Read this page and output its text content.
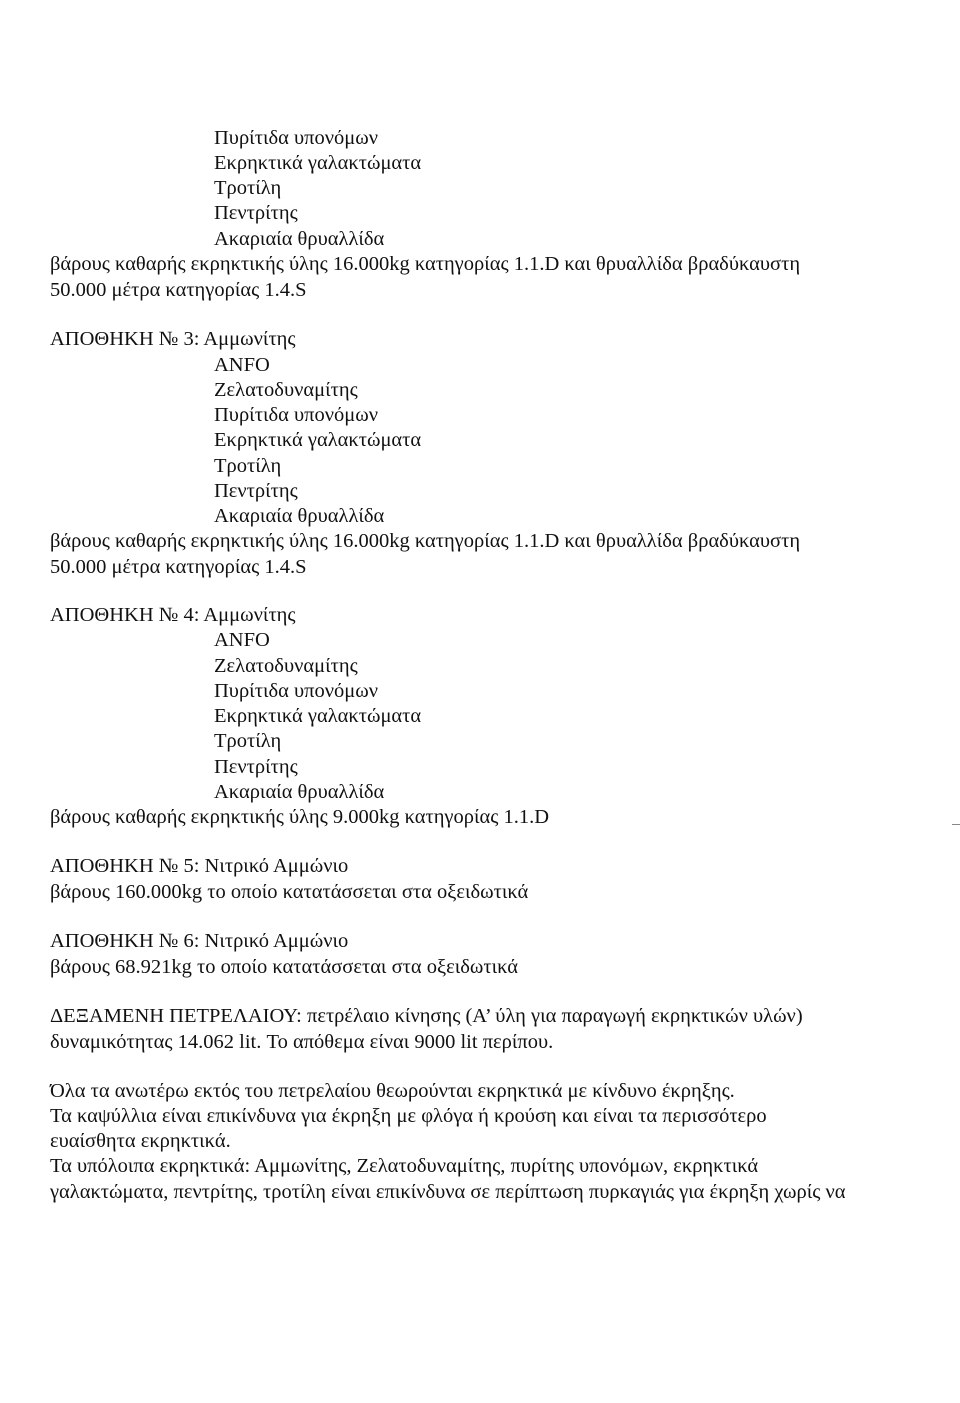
Πυρίτιδα υπονόμων
Εκρηκτικά γαλακτώματα
Τροτίλη
Πεντρίτης
Ακαριαία θρυαλλίδα
βάρους καθαρής εκρηκτικής ύλης 16.000kg κατηγορίας 1.1.D και θρυαλλίδα βραδύκαυστη
50.000 μέτρα κατηγορίας 1.4.S
ΑΠΟΘΗΚΗ № 3: Αμμωνίτης
ANFO
Ζελατοδυναμίτης
Πυρίτιδα υπονόμων
Εκρηκτικά γαλακτώματα
Τροτίλη
Πεντρίτης
Ακαριαία θρυαλλίδα
βάρους καθαρής εκρηκτικής ύλης 16.000kg κατηγορίας 1.1.D και θρυαλλίδα βραδύκαυστη
50.000 μέτρα κατηγορίας 1.4.S
ΑΠΟΘΗΚΗ № 4: Αμμωνίτης
ANFO
Ζελατοδυναμίτης
Πυρίτιδα υπονόμων
Εκρηκτικά γαλακτώματα
Τροτίλη
Πεντρίτης
Ακαριαία θρυαλλίδα
βάρους καθαρής εκρηκτικής ύλης 9.000kg κατηγορίας 1.1.D
ΑΠΟΘΗΚΗ № 5: Νιτρικό Αμμώνιο
βάρους 160.000kg το οποίο κατατάσσεται στα οξειδωτικά
ΑΠΟΘΗΚΗ № 6: Νιτρικό Αμμώνιο
βάρους 68.921kg το οποίο κατατάσσεται στα οξειδωτικά
ΔΕΞΑΜΕΝΗ ΠΕΤΡΕΛΑΙΟΥ: πετρέλαιο κίνησης (Α’ ύλη για παραγωγή εκρηκτικών υλών)
δυναμικότητας 14.062 lit. Το απόθεμα είναι 9000 lit περίπου.
Όλα τα ανωτέρω εκτός του πετρελαίου θεωρούνται εκρηκτικά με κίνδυνο έκρηξης.
Τα καψύλλια είναι επικίνδυνα για έκρηξη με φλόγα ή κρούση και είναι τα περισσότερο
ευαίσθητα εκρηκτικά.
Τα υπόλοιπα εκρηκτικά: Αμμωνίτης, Ζελατοδυναμίτης, πυρίτης υπονόμων, εκρηκτικά
γαλακτώματα, πεντρίτης, τροτίλη είναι επικίνδυνα σε περίπτωση πυρκαγιάς για έκρηξη χωρίς να
